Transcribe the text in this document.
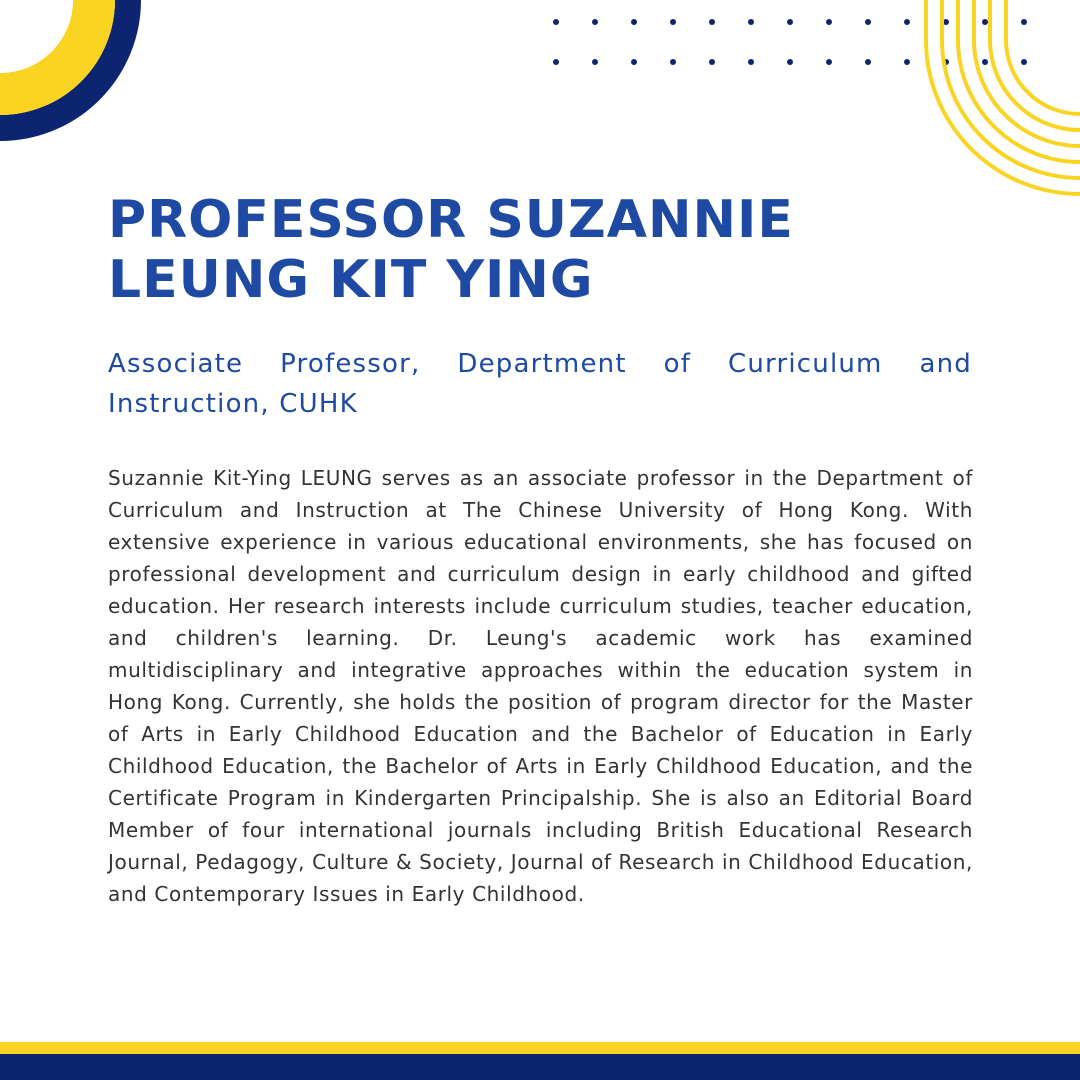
PROFESSOR SUZANNIE LEUNG KIT YING

Associate Professor, Department of Curriculum and Instruction, CUHK

Suzannie Kit-Ying LEUNG serves as an associate professor in the Department of Curriculum and Instruction at The Chinese University of Hong Kong. With extensive experience in various educational environments, she has focused on professional development and curriculum design in early childhood and gifted education. Her research interests include curriculum studies, teacher education, and children's learning. Dr. Leung's academic work has examined multidisciplinary and integrative approaches within the education system in Hong Kong. Currently, she holds the position of program director for the Master of Arts in Early Childhood Education and the Bachelor of Education in Early Childhood Education, the Bachelor of Arts in Early Childhood Education, and the Certificate Program in Kindergarten Principalship. She is also an Editorial Board Member of four international journals including British Educational Research Journal, Pedagogy, Culture & Society, Journal of Research in Childhood Education, and Contemporary Issues in Early Childhood.
